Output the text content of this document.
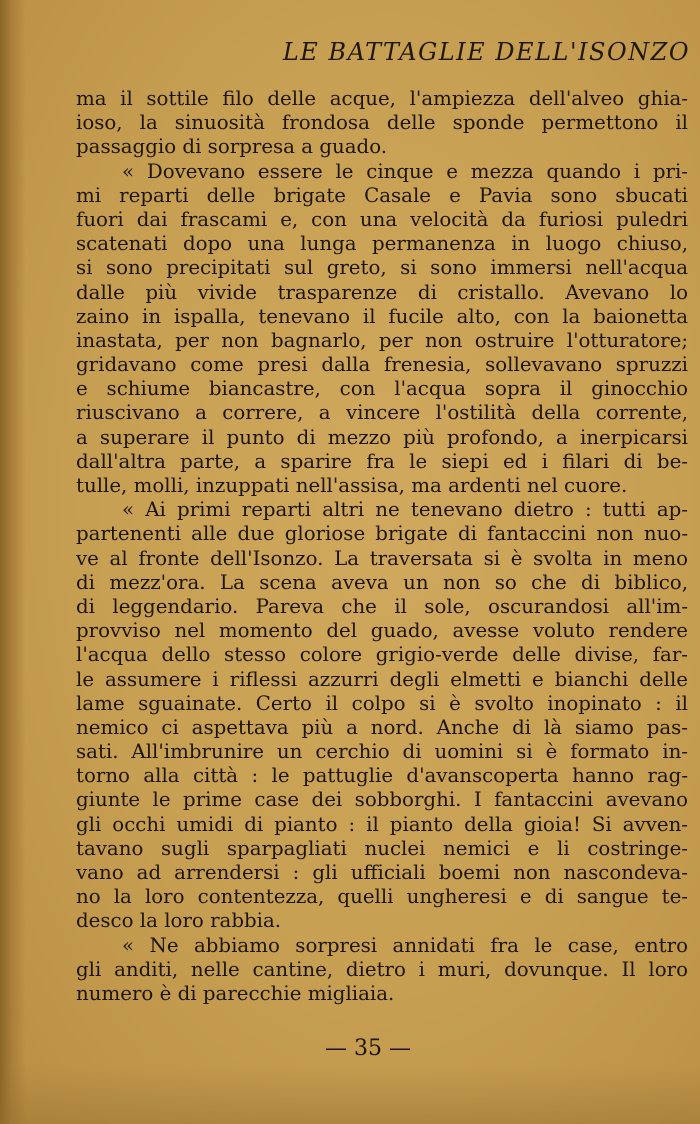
LE BATTAGLIE DELL'ISONZO
ma il sottile filo delle acque, l'ampiezza dell'alveo ghia-
ioso, la sinuosità frondosa delle sponde permettono il
passaggio di sorpresa a guado.
« Dovevano essere le cinque e mezza quando i pri-
mi reparti delle brigate Casale e Pavia sono sbucati
fuori dai frascami e, con una velocità da furiosi puledri
scatenati dopo una lunga permanenza in luogo chiuso,
si sono precipitati sul greto, si sono immersi nell'acqua
dalle più vivide trasparenze di cristallo. Avevano lo
zaino in ispalla, tenevano il fucile alto, con la baionetta
inastata, per non bagnarlo, per non ostruire l'otturatore;
gridavano come presi dalla frenesia, sollevavano spruzzi
e schiume biancastre, con l'acqua sopra il ginocchio
riuscivano a correre, a vincere l'ostilità della corrente,
a superare il punto di mezzo più profondo, a inerpicarsi
dall'altra parte, a sparire fra le siepi ed i filari di be-
tulle, molli, inzuppati nell'assisa, ma ardenti nel cuore.
« Ai primi reparti altri ne tenevano dietro : tutti ap-
partenenti alle due gloriose brigate di fantaccini non nuo-
ve al fronte dell'Isonzo. La traversata si è svolta in meno
di mezz'ora. La scena aveva un non so che di biblico,
di leggendario. Pareva che il sole, oscurandosi all'im-
provviso nel momento del guado, avesse voluto rendere
l'acqua dello stesso colore grigio-verde delle divise, far-
le assumere i riflessi azzurri degli elmetti e bianchi delle
lame sguainate. Certo il colpo si è svolto inopinato : il
nemico ci aspettava più a nord. Anche di là siamo pas-
sati. All'imbrunire un cerchio di uomini si è formato in-
torno alla città : le pattuglie d'avanscoperta hanno rag-
giunte le prime case dei sobborghi. I fantaccini avevano
gli occhi umidi di pianto : il pianto della gioia! Si avven-
tavano sugli sparpagliati nuclei nemici e li costringe-
vano ad arrendersi : gli ufficiali boemi non nascondeva-
no la loro contentezza, quelli ungheresi e di sangue te-
desco la loro rabbia.
« Ne abbiamo sorpresi annidati fra le case, entro
gli anditi, nelle cantine, dietro i muri, dovunque. Il loro
numero è di parecchie migliaia.
— 35 —
